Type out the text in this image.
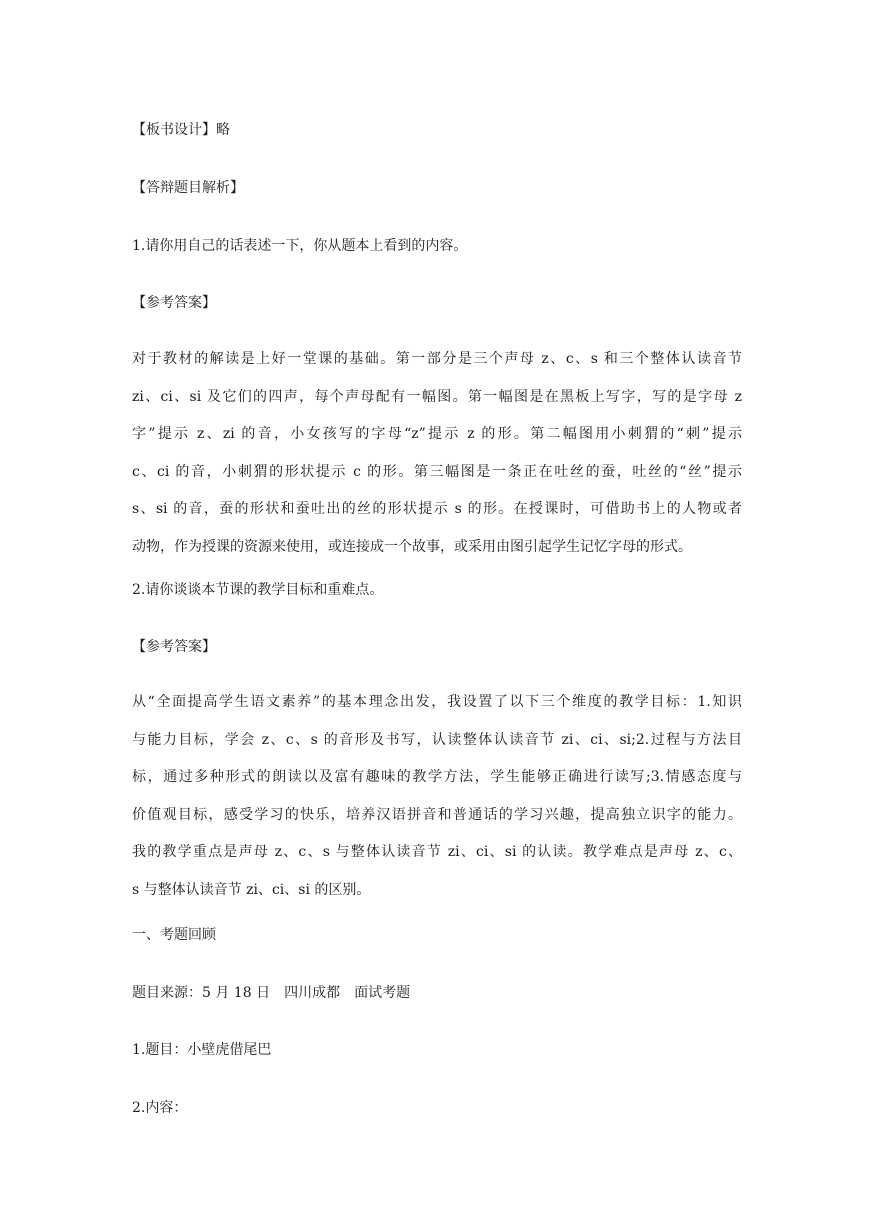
【板书设计】略
【答辩题目解析】
1.请你用自己的话表述一下，你从题本上看到的内容。
【参考答案】
对于教材的解读是上好一堂课的基础。第一部分是三个声母 z、c、s 和三个整体认读音节
zi、ci、si 及它们的四声，每个声母配有一幅图。第一幅图是在黑板上写字，写的是字母 z
字”提示 z、zi 的音，小女孩写的字母“z”提示 z 的形。第二幅图用小刺猬的“刺”提示
c、ci 的音，小刺猬的形状提示 c 的形。第三幅图是一条正在吐丝的蚕，吐丝的“丝”提示
s、si 的音，蚕的形状和蚕吐出的丝的形状提示 s 的形。在授课时，可借助书上的人物或者
动物，作为授课的资源来使用，或连接成一个故事，或采用由图引起学生记忆字母的形式。
2.请你谈谈本节课的教学目标和重难点。
【参考答案】
从“全面提高学生语文素养”的基本理念出发，我设置了以下三个维度的教学目标：1.知识
与能力目标，学会 z、c、s 的音形及书写，认读整体认读音节 zi、ci、si;2.过程与方法目
标，通过多种形式的朗读以及富有趣味的教学方法，学生能够正确进行读写;3.情感态度与
价值观目标，感受学习的快乐，培养汉语拼音和普通话的学习兴趣，提高独立识字的能力。
我的教学重点是声母 z、c、s 与整体认读音节 zi、ci、si 的认读。教学难点是声母 z、c、
s 与整体认读音节 zi、ci、si 的区别。
一、考题回顾
题目来源：5 月 18 日　四川成都　面试考题
1.题目：小壁虎借尾巴
2.内容：
